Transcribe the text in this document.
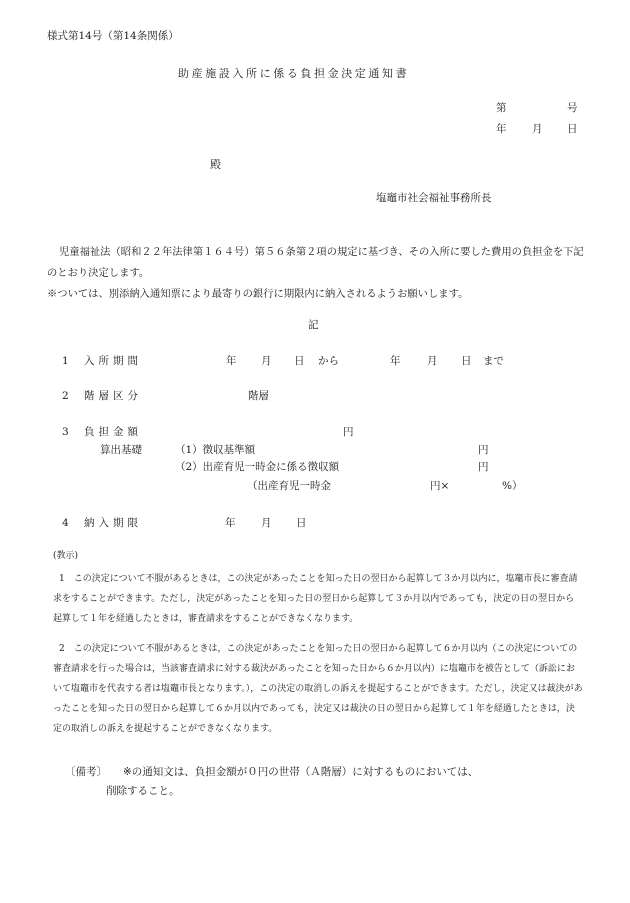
様式第14号（第14条関係）
助産施設入所に係る負担金決定通知書
第	号
年 月 日
殿
塩竈市社会福祉事務所長
児童福祉法（昭和２２年法律第１６４号）第５６条第２項の規定に基づき、その入所に要した費用の負担金を下記のとおり決定します。
※ついては、別添納入通知票により最寄りの銀行に期限内に納入されるようお願いします。
記
1 入所期間	年 月 日 から	年	月 日 まで
2 階層区分	階層
3 負担金額	円
算出基礎	（1）徴収基準額	円
（2）出産育児一時金に係る徴収額	円
（出産育児一時金	円×	%）
4 納入期限	年 月 日
(教示)
1　この決定について不服があるときは，この決定があったことを知った日の翌日から起算して３か月以内に，塩竈市長に審査請求をすることができます。ただし，決定があったことを知った日の翌日から起算して３か月以内であっても，決定の日の翌日から起算して１年を経過したときは，審査請求をすることができなくなります。
2　この決定について不服があるときは，この決定があったことを知った日の翌日から起算して６か月以内（この決定についての審査請求を行った場合は，当該審査請求に対する裁決があったことを知った日から６か月以内）に塩竈市を被告として（訴訟において塩竈市を代表する者は塩竈市長となります。），この決定の取消しの訴えを提起することができます。ただし，決定又は裁決があったことを知った日の翌日から起算して６か月以内であっても，決定又は裁決の日の翌日から起算して１年を経過したときは，決定の取消しの訴えを提起することができなくなります。
〔備考〕 ※の通知文は、負担金額が０円の世帯（Ａ階層）に対するものにおいては、
削除すること。
